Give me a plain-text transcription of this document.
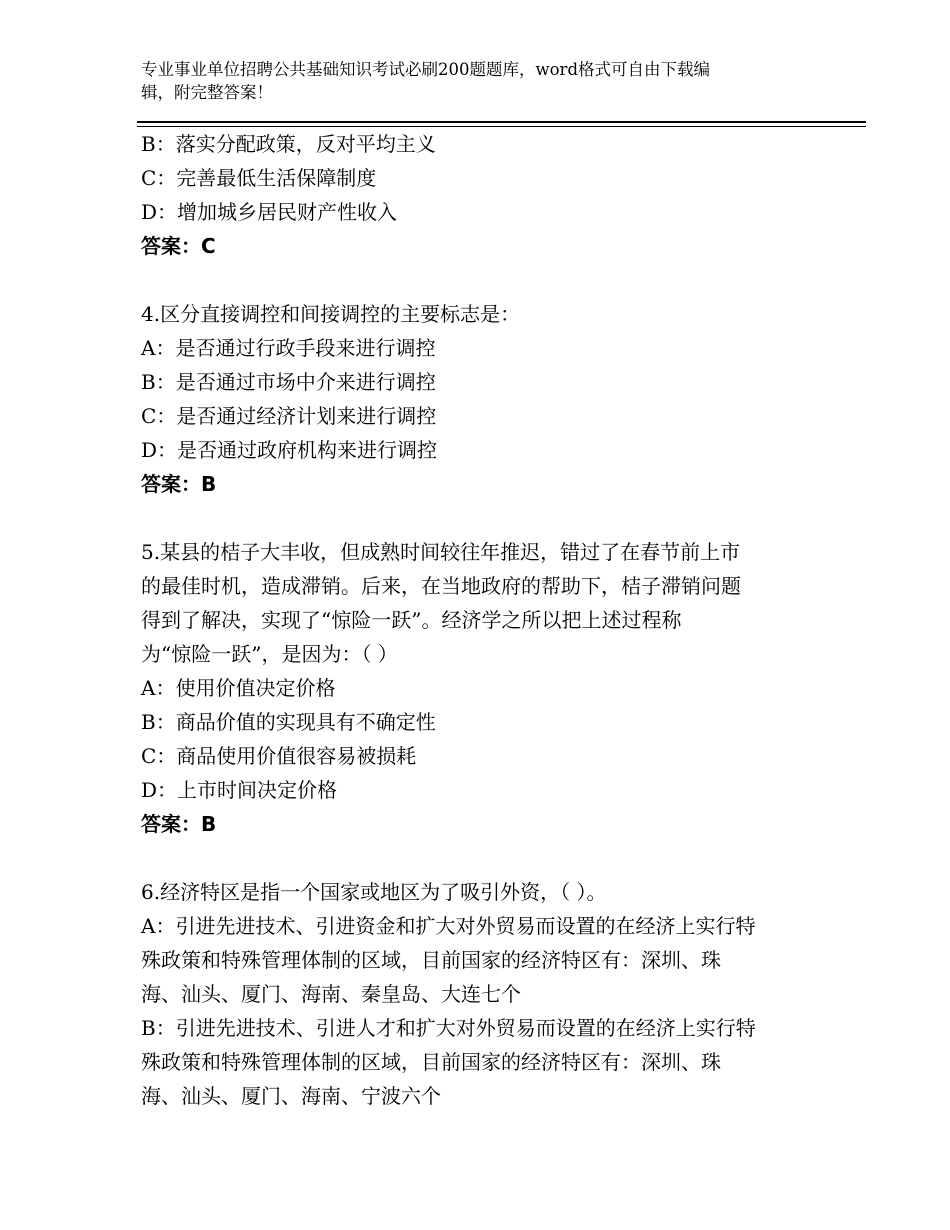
专业事业单位招聘公共基础知识考试必刷200题题库，word格式可自由下载编
辑，附完整答案！
B：落实分配政策，反对平均主义
C：完善最低生活保障制度
D：增加城乡居民财产性收入
答案：C
4.区分直接调控和间接调控的主要标志是：
A：是否通过行政手段来进行调控
B：是否通过市场中介来进行调控
C：是否通过经济计划来进行调控
D：是否通过政府机构来进行调控
答案：B
5.某县的桔子大丰收，但成熟时间较往年推迟，错过了在春节前上市
的最佳时机，造成滞销。后来，在当地政府的帮助下，桔子滞销问题
得到了解决，实现了“惊险一跃”。经济学之所以把上述过程称
为“惊险一跃”，是因为：（ ）
A：使用价值决定价格
B：商品价值的实现具有不确定性
C：商品使用价值很容易被损耗
D：上市时间决定价格
答案：B
6.经济特区是指一个国家或地区为了吸引外资，（ ）。
A：引进先进技术、引进资金和扩大对外贸易而设置的在经济上实行特
殊政策和特殊管理体制的区域，目前国家的经济特区有：深圳、珠
海、汕头、厦门、海南、秦皇岛、大连七个
B：引进先进技术、引进人才和扩大对外贸易而设置的在经济上实行特
殊政策和特殊管理体制的区域，目前国家的经济特区有：深圳、珠
海、汕头、厦门、海南、宁波六个
